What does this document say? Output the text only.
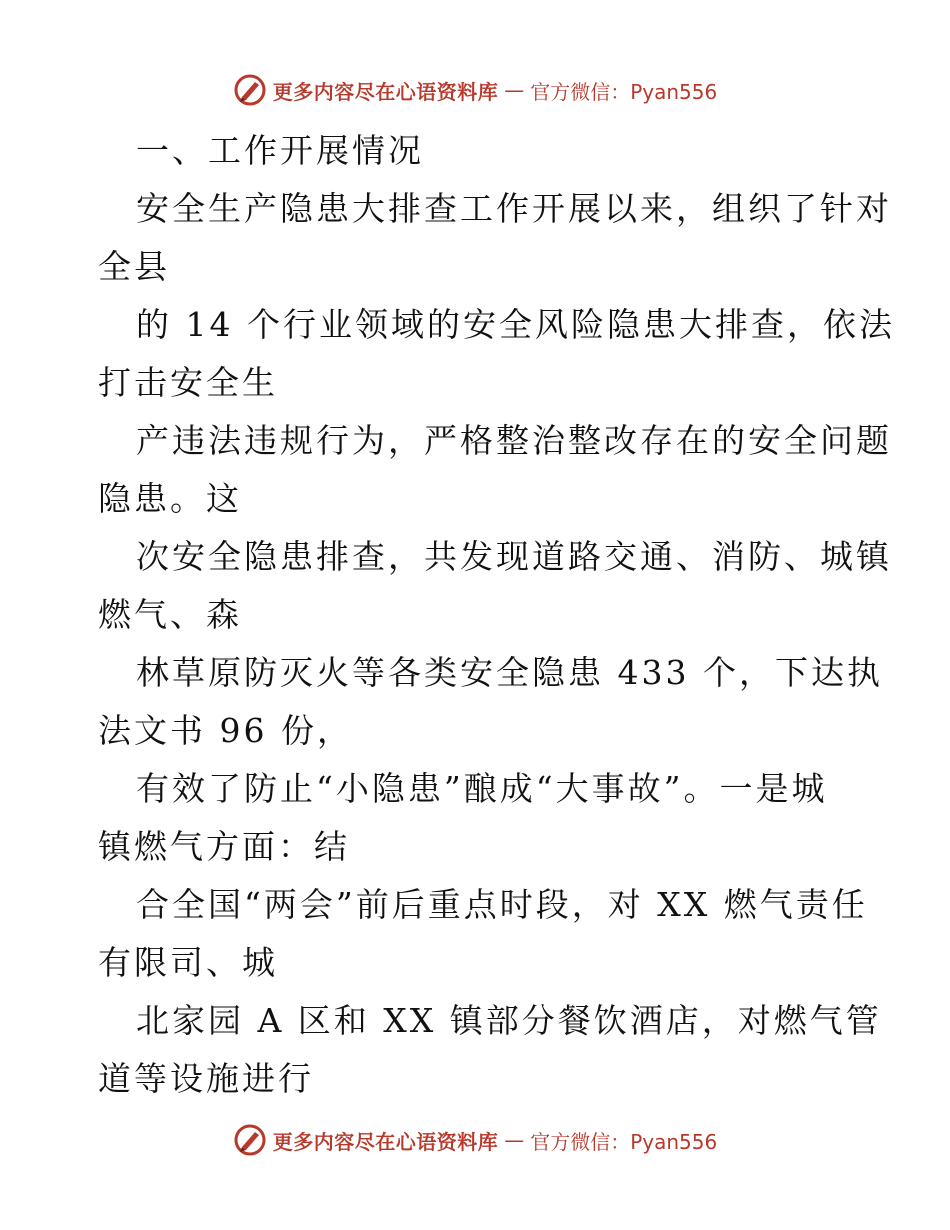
更多内容尽在心语资料库 — 官方微信：Pyan556
一、工作开展情况
安全生产隐患大排查工作开展以来，组织了针对
全县
的 14 个行业领域的安全风险隐患大排查，依法
打击安全生
产违法违规行为，严格整治整改存在的安全问题
隐患。这
次安全隐患排查，共发现道路交通、消防、城镇
燃气、森
林草原防灭火等各类安全隐患 433 个，下达执
法文书 96 份，
有效了防止“小隐患”酿成“大事故”。一是城
镇燃气方面：结
合全国“两会”前后重点时段，对 XX 燃气责任
有限司、城
北家园 A 区和 XX 镇部分餐饮酒店，对燃气管
道等设施进行
更多内容尽在心语资料库 — 官方微信：Pyan556
